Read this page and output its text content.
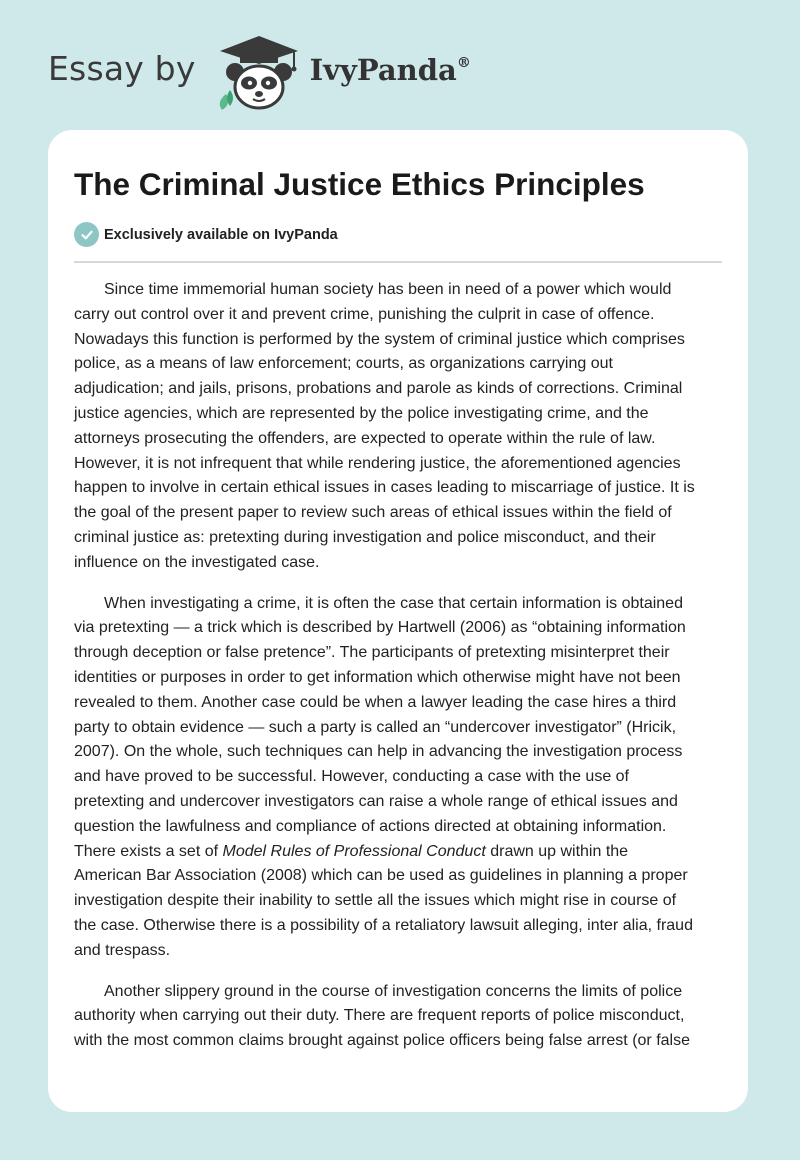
Essay by	IvyPanda®
The Criminal Justice Ethics Principles
Exclusively available on IvyPanda

Since time immemorial human society has been in need of a power which would
carry out control over it and prevent crime, punishing the culprit in case of offence.
Nowadays this function is performed by the system of criminal justice which comprises
police, as a means of law enforcement; courts, as organizations carrying out
adjudication; and jails, prisons, probations and parole as kinds of corrections. Criminal
justice agencies, which are represented by the police investigating crime, and the
attorneys prosecuting the offenders, are expected to operate within the rule of law.
However, it is not infrequent that while rendering justice, the aforementioned agencies
happen to involve in certain ethical issues in cases leading to miscarriage of justice. It is
the goal of the present paper to review such areas of ethical issues within the field of
criminal justice as: pretexting during investigation and police misconduct, and their
influence on the investigated case.

When investigating a crime, it is often the case that certain information is obtained
via pretexting — a trick which is described by Hartwell (2006) as “obtaining information
through deception or false pretence”. The participants of pretexting misinterpret their
identities or purposes in order to get information which otherwise might have not been
revealed to them. Another case could be when a lawyer leading the case hires a third
party to obtain evidence — such a party is called an “undercover investigator” (Hricik,
2007). On the whole, such techniques can help in advancing the investigation process
and have proved to be successful. However, conducting a case with the use of
pretexting and undercover investigators can raise a whole range of ethical issues and
question the lawfulness and compliance of actions directed at obtaining information.
There exists a set of Model Rules of Professional Conduct drawn up within the
American Bar Association (2008) which can be used as guidelines in planning a proper
investigation despite their inability to settle all the issues which might rise in course of
the case. Otherwise there is a possibility of a retaliatory lawsuit alleging, inter alia, fraud
and trespass.

Another slippery ground in the course of investigation concerns the limits of police
authority when carrying out their duty. There are frequent reports of police misconduct,
with the most common claims brought against police officers being false arrest (or false
